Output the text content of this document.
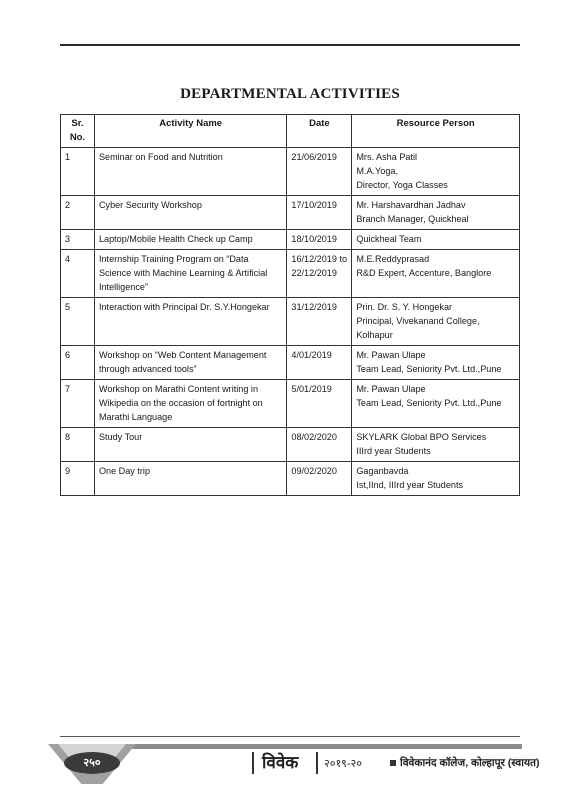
DEPARTMENTAL ACTIVITIES
Sr. No.	Activity Name	Date	Resource Person
1	Seminar on Food and Nutrition	21/06/2019	Mrs. Asha Patil
M.A.Yoga,
Director, Yoga Classes

2	Cyber Security Workshop	17/10/2019	Mr. Harshavardhan Jadhav
Branch Manager, Quickheal

3	Laptop/Mobile Health Check up Camp	18/10/2019	Quickheal Team

4	Internship Training Program on “Data Science with Machine Learning & Artificial Intelligence”	16/12/2019 to 22/12/2019	M.E.Reddyprasad
R&D Expert, Accenture, Banglore

5	Interaction with Principal Dr. S.Y.Hongekar	31/12/2019	Prin. Dr. S. Y. Hongekar
Principal, Vivekanand College, Kolhapur

6	Workshop on “Web Content Management through advanced tools”	4/01/2019	Mr. Pawan Ulape
Team Lead, Seniority Pvt. Ltd.,Pune

7	Workshop on Marathi Content writing in Wikipedia on the occasion of fortnight on Marathi Language	5/01/2019	Mr. Pawan Ulape
Team Lead, Seniority Pvt. Ltd.,Pune

8	Study Tour	08/02/2020	SKYLARK Global BPO Services
IIIrd year Students

9	One Day trip	09/02/2020	Gaganbavda
Ist,IInd, IIIrd year Students
२५०	विवेक २०१९-२०	विवेकानंद कॉलेज, कोल्हापूर (स्वायत)
